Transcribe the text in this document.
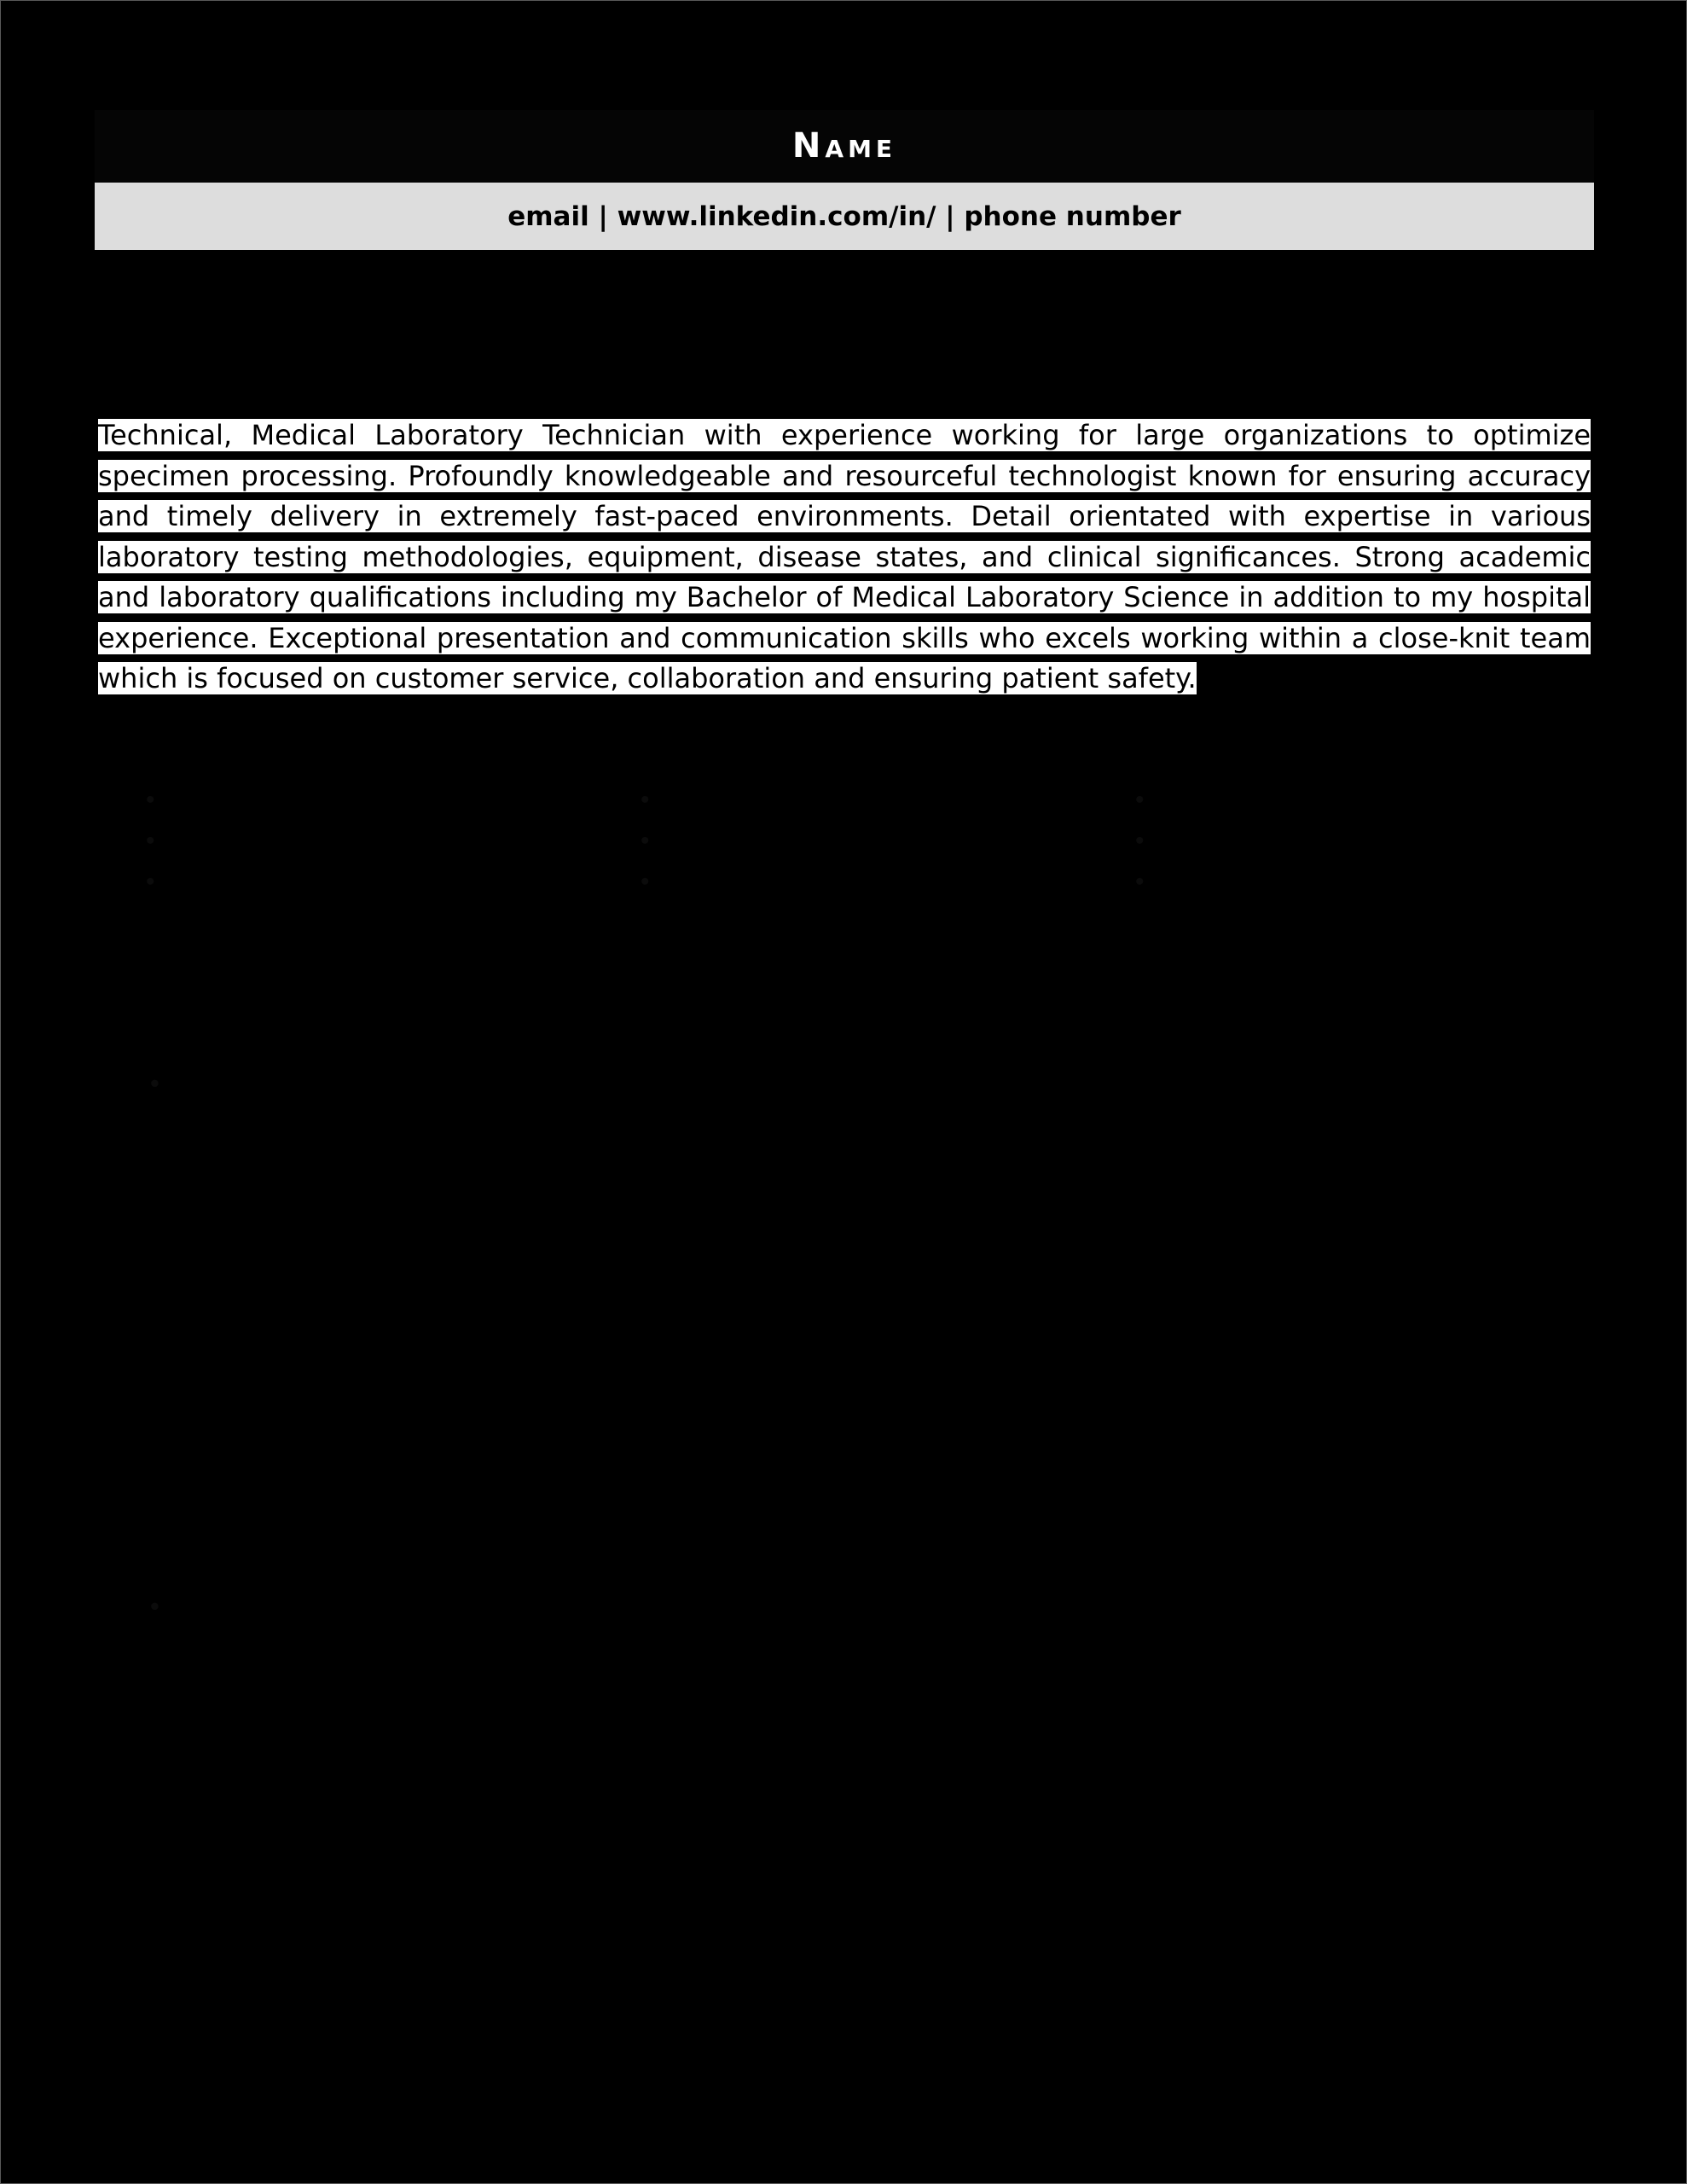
Name
email | www.linkedin.com/in/ | phone number
Technical, Medical Laboratory Technician with experience working for large organizations to optimize specimen processing. Profoundly knowledgeable and resourceful technologist known for ensuring accuracy and timely delivery in extremely fast-paced environments. Detail orientated with expertise in various laboratory testing methodologies, equipment, disease states, and clinical significances. Strong academic and laboratory qualifications including my Bachelor of Medical Laboratory Science in addition to my hospital experience. Exceptional presentation and communication skills who excels working within a close-knit team which is focused on customer service, collaboration and ensuring patient safety.
•
•
•
•
•
•
•
•
•
